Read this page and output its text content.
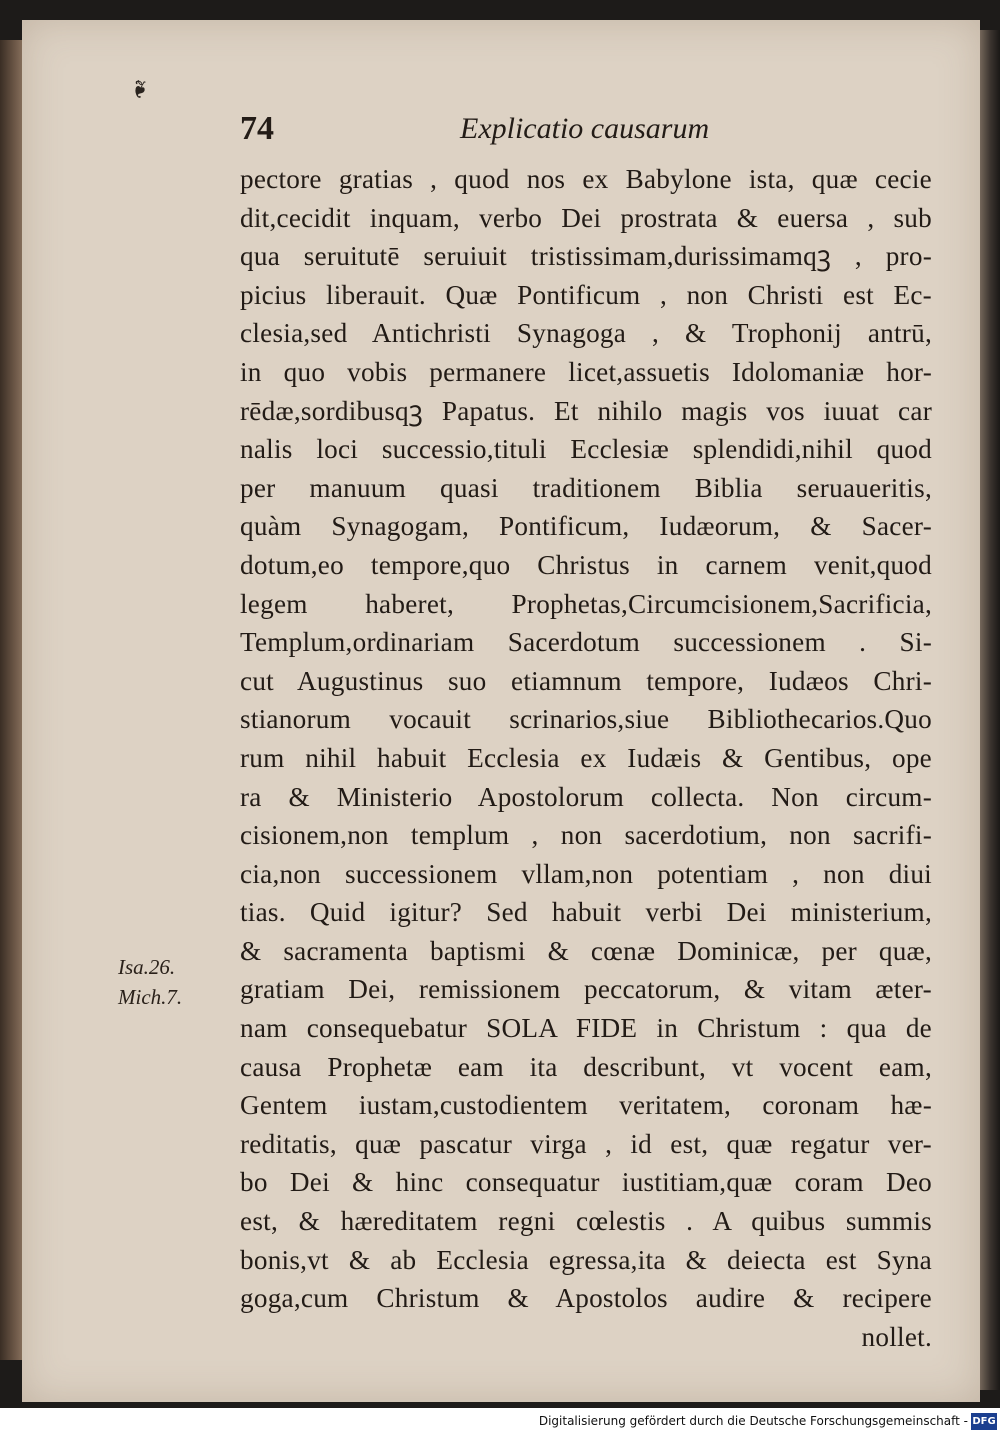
❧
74	Explicatio causarum
pectore gratias , quod nos ex Babylone ista, quæ cecie
dit,cecidit inquam, verbo Dei prostrata & euersa , sub
qua seruitutē seruiuit tristissimam,durissimamqꝫ , pro-
picius liberauit. Quæ Pontificum , non Christi est Ec-
clesia,sed Antichristi Synagoga , & Trophonij antrū,
in quo vobis permanere licet,assuetis Idolomaniæ hor-
rēdæ,sordibusqꝫ Papatus. Et nihilo magis vos iuuat car
nalis loci successio,tituli Ecclesiæ splendidi,nihil quod
per manuum quasi traditionem Biblia seruaueritis,
quàm Synagogam, Pontificum, Iudæorum, & Sacer-
dotum,eo tempore,quo Christus in carnem venit,quod
legem haberet, Prophetas,Circumcisionem,Sacrificia,
Templum,ordinariam Sacerdotum successionem . Si-
cut Augustinus suo etiamnum tempore, Iudæos Chri-
stianorum vocauit scrinarios,siue Bibliothecarios.Quo
rum nihil habuit Ecclesia ex Iudæis & Gentibus, ope
ra & Ministerio Apostolorum collecta. Non circum-
cisionem,non templum , non sacerdotium, non sacrifi-
cia,non successionem vllam,non potentiam , non diui
tias. Quid igitur? Sed habuit verbi Dei ministerium,
& sacramenta baptismi & cœnæ Dominicæ, per quæ,
gratiam Dei, remissionem peccatorum, & vitam æter-
nam consequebatur SOLA FIDE in Christum : qua de
causa Prophetæ eam ita describunt, vt vocent eam,
Gentem iustam,custodientem veritatem, coronam hæ-
reditatis, quæ pascatur virga , id est, quæ regatur ver-
bo Dei & hinc consequatur iustitiam,quæ coram Deo
est, & hæreditatem regni cœlestis . A quibus summis
bonis,vt & ab Ecclesia egressa,ita & deiecta est Syna
goga,cum Christum & Apostolos audire & recipere
nollet.
Isa.26.
Mich.7.
Digitalisierung gefördert durch die Deutsche Forschungsgemeinschaft - DFG
